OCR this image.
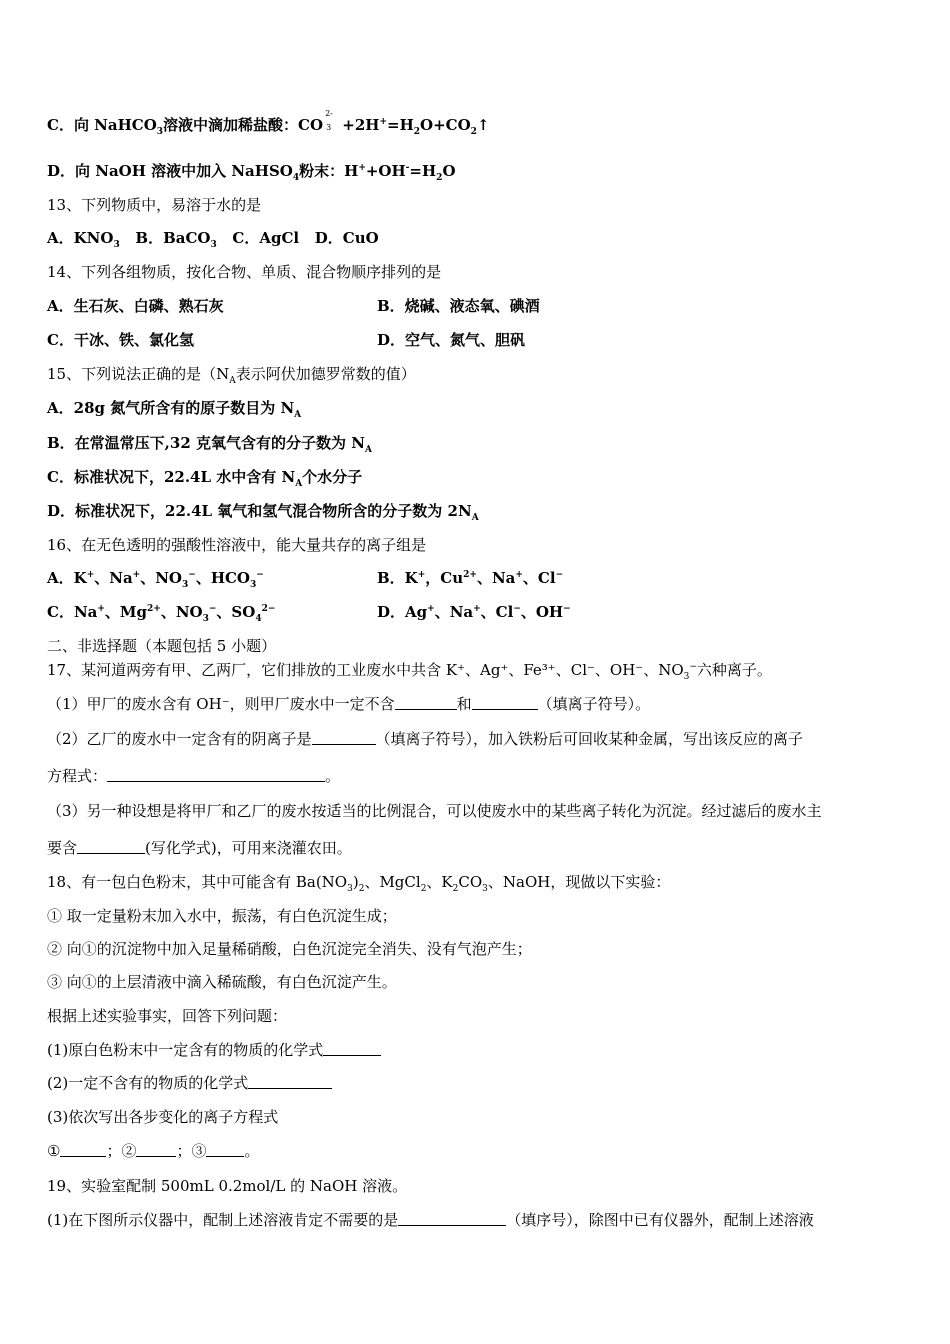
C．向 NaHCO$_3$溶液中滴加稀盐酸：CO
2-
$3 +2H^+=H_2O+CO_2↑$
D．向 NaOH 溶液中加入 NaHSO$_4$粉末：$H^++OH^-=H_2O$
13、下列物质中，易溶于水的是
A．$KNO_3$ B．BaCO$_3$ C．AgCl D．CuO
14、下列各组物质，按化合物、单质、混合物顺序排列的是
A．生石灰、白磷、熟石灰	B．烧碱、液态氧、碘酒
C．干冰、铁、氯化氢	D．空气、氮气、胆矾
15、下列说法正确的是（$N_A$表示阿伏加德罗常数的值）
A．28g 氮气所含有的原子数目为 $N_A$
B．在常温常压下,32 克氧气含有的分子数为 $N_A$
C．标准状况下，22.4L 水中含有 $N_A$个水分子
D．标准状况下，22.4L 氧气和氢气混合物所含的分子数为 $2N_A$
16、在无色透明的强酸性溶液中，能大量共存的离子组是
A．K+、Na+、$NO_3^-$、$HCO_3^-$	B．K+，$Cu^{2+}$、Na+、Cl−
C．Na+、$Mg^{2+}$、$NO_3^-$、$SO_4^{2-}$	D．Ag+、Na+、Cl−、OH−
二、非选择题（本题包括 5 小题）
17、某河道两旁有甲、乙两厂，它们排放的工业废水中共含 K⁺、Ag⁺、Fe³⁺、Cl⁻、OH⁻、$NO_3^-$六种离子。
（1）甲厂的废水含有 OH⁻，则甲厂废水中一定不含	和	（填离子符号）。
（2）乙厂的废水中一定含有的阴离子是	（填离子符号），加入铁粉后可回收某种金属，写出该反应的离子
方程式：	。
（3）另一种设想是将甲厂和乙厂的废水按适当的比例混合，可以使废水中的某些离子转化为沉淀。经过滤后的废水主
要含	(写化学式)，可用来浇灌农田。
18、有一包白色粉末，其中可能含有 $Ba(NO_3)_2$、MgCl$_2$、$K_2CO_3$、NaOH，现做以下实验：
① 取一定量粉末加入水中，振荡，有白色沉淀生成；
② 向①的沉淀物中加入足量稀硝酸，白色沉淀完全消失、没有气泡产生；
③ 向①的上层清液中滴入稀硫酸，有白色沉淀产生。
根据上述实验事实，回答下列问题：
(1)原白色粉末中一定含有的物质的化学式
(2)一定不含有的物质的化学式
(3)依次写出各步变化的离子方程式
①	；②	；③	。
19、实验室配制 500mL 0.2mol/L 的 NaOH 溶液。
(1)在下图所示仪器中，配制上述溶液肯定不需要的是	（填序号），除图中已有仪器外，配制上述溶液
